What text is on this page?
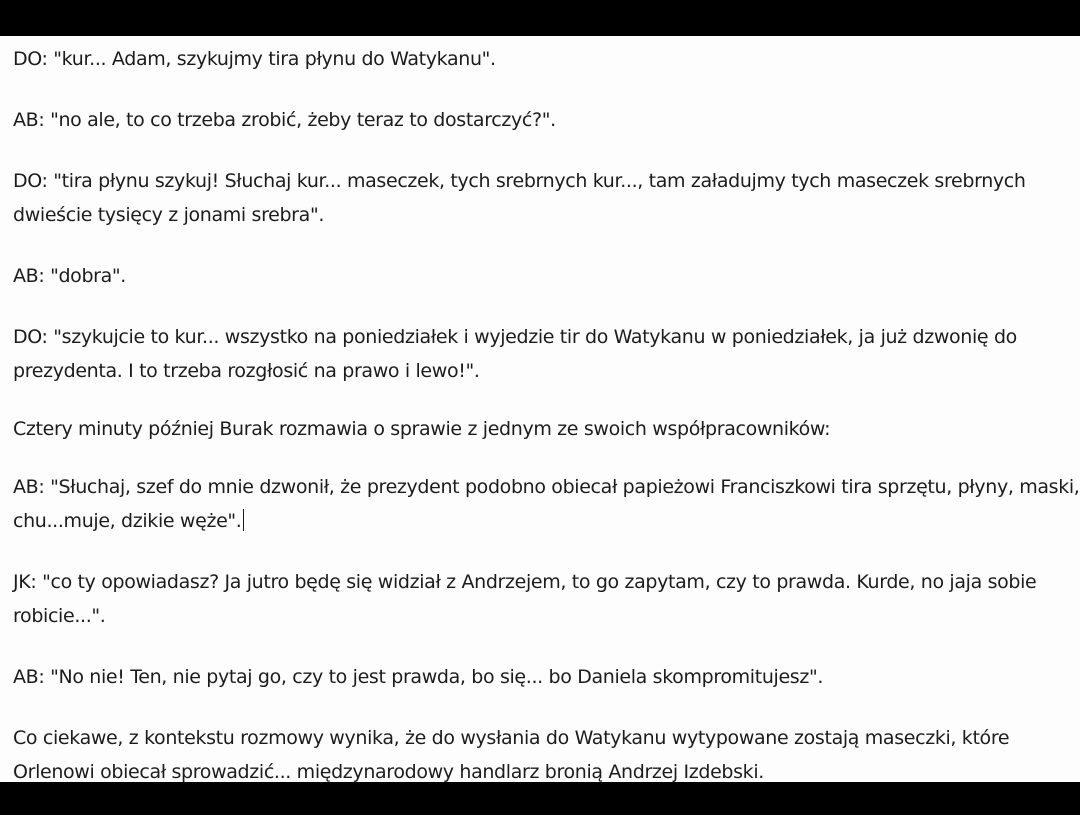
DO: "kur... Adam, szykujmy tira płynu do Watykanu".

AB: "no ale, to co trzeba zrobić, żeby teraz to dostarczyć?".

DO: "tira płynu szykuj! Słuchaj kur... maseczek, tych srebrnych kur..., tam załadujmy tych maseczek srebrnych dwieście tysięcy z jonami srebra".

AB: "dobra".

DO: "szykujcie to kur... wszystko na poniedziałek i wyjedzie tir do Watykanu w poniedziałek, ja już dzwonię do prezydenta. I to trzeba rozgłosić na prawo i lewo!".

Cztery minuty później Burak rozmawia o sprawie z jednym ze swoich współpracowników:

AB: "Słuchaj, szef do mnie dzwonił, że prezydent podobno obiecał papieżowi Franciszkowi tira sprzętu, płyny, maski, chu...muje, dzikie węże".

JK: "co ty opowiadasz? Ja jutro będę się widział z Andrzejem, to go zapytam, czy to prawda. Kurde, no jaja sobie robicie...".

AB: "No nie! Ten, nie pytaj go, czy to jest prawda, bo się... bo Daniela skompromitujesz".

Co ciekawe, z kontekstu rozmowy wynika, że do wysłania do Watykanu wytypowane zostają maseczki, które Orlenowi obiecał sprowadzić... międzynarodowy handlarz bronią Andrzej Izdebski.
